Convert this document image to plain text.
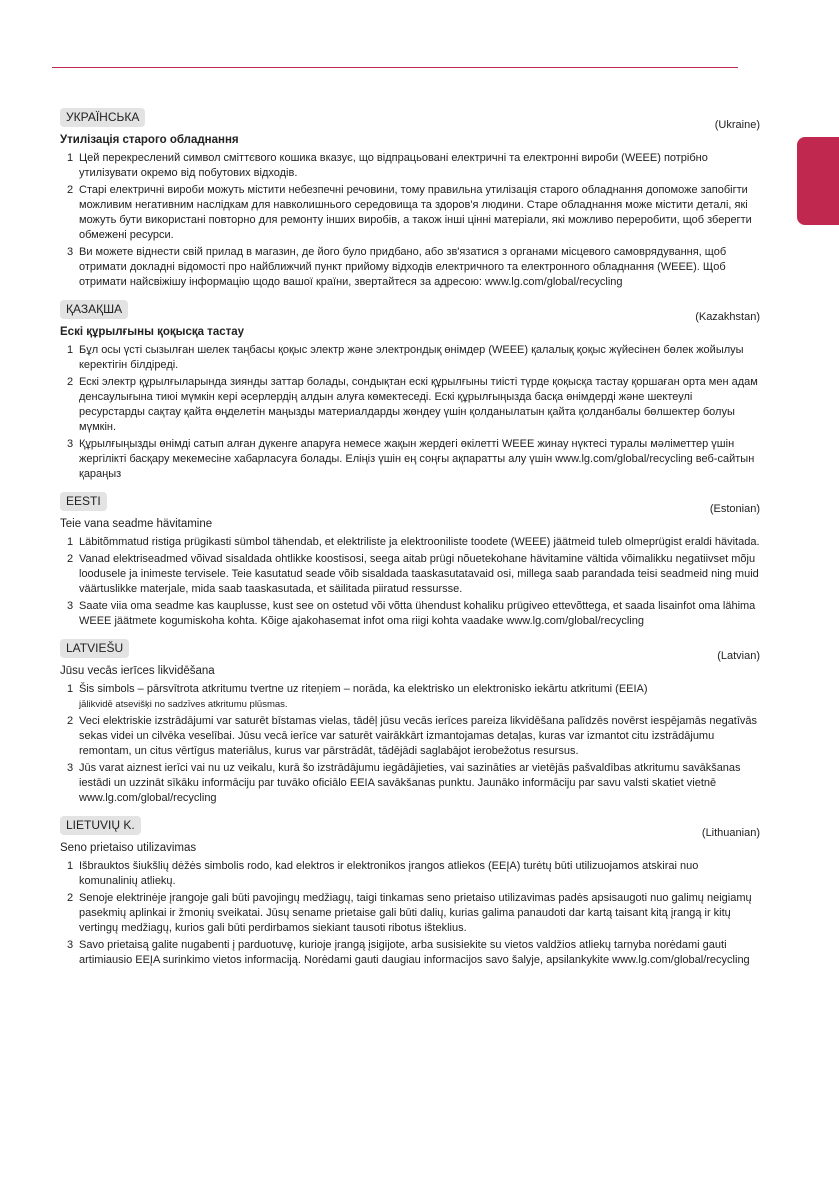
УКРАЇНСЬКА
(Ukraine)
Утилізація старого обладнання
1 Цей перекреслений символ сміттєвого кошика вказує, що відпрацьовані електричні та електронні вироби (WEEE) потрібно утилізувати окремо від побутових відходів.
2 Старі електричні вироби можуть містити небезпечні речовини, тому правильна утилізація старого обладнання допоможе запобігти можливим негативним наслідкам для навколишнього середовища та здоров'я людини. Старе обладнання може містити деталі, які можуть бути використані повторно для ремонту інших виробів, а також інші цінні матеріали, які можливо переробити, щоб зберегти обмежені ресурси.
3 Ви можете віднести свій прилад в магазин, де його було придбано, або зв'язатися з органами місцевого самоврядування, щоб отримати докладні відомості про найближчий пункт прийому відходів електричного та електронного обладнання (WEEE). Щоб отримати найсвіжішу інформацію щодо вашої країни, звертайтеся за адресою: www.lg.com/global/recycling
ҚАЗАҚША
(Kazakhstan)
Ескі құрылғыны қоқысқа тастау
1 Бұл осы үсті сызылған шелек таңбасы қоқыс электр және электрондық өнімдер (WEEE) қалалық қоқыс жүйесінен бөлек жойылуы керектігін білдіреді.
2 Ескі электр құрылғыларында зиянды заттар болады, сондықтан ескі құрылғыны тиісті түрде қоқысқа тастау қоршаған орта мен адам денсаулығына тиюі мүмкін кері әсерлердің алдын алуға көмектеседі. Ескі құрылғыңызда басқа өнімдерді және шектеулі ресурстарды сақтау қайта өңделетін маңызды материалдарды жөндеу үшін қолданылатын қайта қолданбалы бөлшектер болуы мүмкін.
3 Құрылғыңызды өнімді сатып алған дүкенге апаруға немесе жақын жердегі өкілетті WEEE жинау нүктесі туралы мәліметтер үшін жергілікті басқару мекемесіне хабарласуға болады. Еліңіз үшін ең соңғы ақпаратты алу үшін www.lg.com/global/recycling веб-сайтын қараңыз
EESTI
(Estonian)
Teie vana seadme hävitamine
1 Läbitõmmatud ristiga prügikasti sümbol tähendab, et elektriliste ja elektrooniliste toodete (WEEE) jäätmeid tuleb olmeprügist eraldi hävitada.
2 Vanad elektriseadmed võivad sisaldada ohtlikke koostisosi, seega aitab prügi nõuetekohane hävitamine vältida võimalikku negatiivset mõju loodusele ja inimeste tervisele. Teie kasutatud seade võib sisaldada taaskasutatavaid osi, millega saab parandada teisi seadmeid ning muid väärtuslikke materjale, mida saab taaskasutada, et säilitada piiratud ressursse.
3 Saate viia oma seadme kas kauplusse, kust see on ostetud või võtta ühendust kohaliku prügiveo ettevõttega, et saada lisainfot oma lähima WEEE jäätmete kogumiskoha kohta. Kõige ajakohasemat infot oma riigi kohta vaadake www.lg.com/global/recycling
LATVIEŠU
(Latvian)
Jūsu vecās ierīces likvidēšana
1 Šis simbols – pārsvītrota atkritumu tvertne uz riteņiem – norāda, ka elektrisko un elektronisko iekārtu atkritumi (EEIA)
jālikvidē atsevišķi no sadzīves atkritumu plūsmas.
2 Veci elektriskie izstrādājumi var saturēt bīstamas vielas, tādēļ jūsu vecās ierīces pareiza likvidēšana palīdzēs novērst iespējamās negatīvās sekas videi un cilvēka veselībai. Jūsu vecā ierīce var saturēt vairākkārt izmantojamas detaļas, kuras var izmantot citu izstrādājumu remontam, un citus vērtīgus materiālus, kurus var pārstrādāt, tādējādi saglabājot ierobežotus resursus.
3 Jūs varat aiznest ierīci vai nu uz veikalu, kurā šo izstrādājumu iegādājieties, vai sazināties ar vietējās pašvaldības atkritumu savākšanas iestādi un uzzināt sīkāku informāciju par tuvāko oficiālo EEIA savākšanas punktu. Jaunāko informāciju par savu valsti skatiet vietnē www.lg.com/global/recycling
LIETUVIŲ K.
(Lithuanian)
Seno prietaiso utilizavimas
1 Išbrauktos šiukšlių dėžės simbolis rodo, kad elektros ir elektronikos įrangos atliekos (EEĮA) turėtų būti utilizuojamos atskirai nuo komunalinių atliekų.
2 Senoje elektrinėje įrangoje gali būti pavojingų medžiagų, taigi tinkamas seno prietaiso utilizavimas padės apsisaugoti nuo galimų neigiamų pasekmių aplinkai ir žmonių sveikatai. Jūsų sename prietaise gali būti dalių, kurias galima panaudoti dar kartą taisant kitą įrangą ir kitų vertingų medžiagų, kurios gali būti perdirbamos siekiant tausoti ribotus išteklius.
3 Savo prietaisą galite nugabenti į parduotuvę, kurioje įrangą įsigijote, arba susisiekite su vietos valdžios atliekų tarnyba norėdami gauti artimiausio EEĮA surinkimo vietos informaciją. Norėdami gauti daugiau informacijos savo šalyje, apsilankykite www.lg.com/global/recycling
